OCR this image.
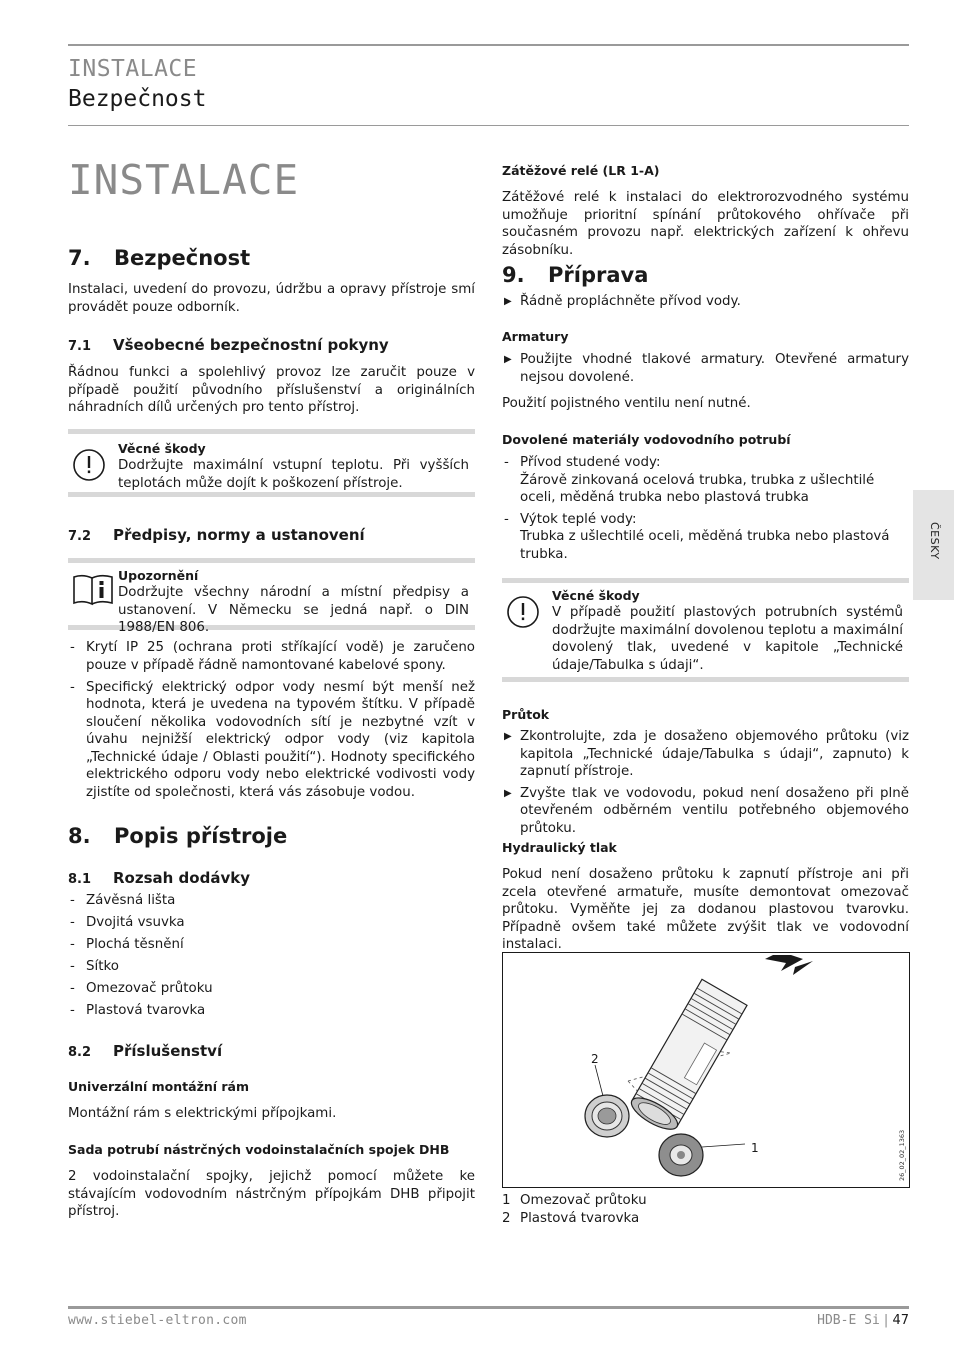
INSTALACE
Bezpečnost
INSTALACE
7. Bezpečnost

Instalaci, uvedení do provozu, údržbu a opravy přístroje smí provádět pouze odborník.

7.1 Všeobecné bezpečnostní pokyny

Řádnou funkci a spolehlivý provoz lze zaručit pouze v případě použití původního příslušenství a originálních náhradních dílů určených pro tento přístroj.

Věcné škody
Dodržujte maximální vstupní teplotu. Při vyšších teplotách může dojít k poškození přístroje.
7.2 Předpisy, normy a ustanovení
Upozornění
Dodržujte všechny národní a místní předpisy a ustanovení. V Německu se jedná např. o DIN 1988/EN 806.
- Krytí IP 25 (ochrana proti stříkající vodě) je zaručeno pouze v případě řádně namontované kabelové spony.
- Specifický elektrický odpor vody nesmí být menší než hodnota, která je uvedena na typovém štítku. V případě sloučení několika vodovodních sítí je nezbytné vzít v úvahu nejnižší elektrický odpor vody (viz kapitola „Technické údaje / Oblasti použití“). Hodnoty specifického elektrického odporu vody nebo elektrické vodivosti vody zjistíte od společnosti, která vás zásobuje vodou.
8. Popis přístroje
8.1 Rozsah dodávky
- Závěsná lišta
- Dvojitá vsuvka
- Plochá těsnění
- Sítko
- Omezovač průtoku
- Plastová tvarovka
8.2 Příslušenství
Univerzální montážní rám

Montážní rám s elektrickými přípojkami.

Sada potrubí nástrčných vodoinstalačních spojek DHB

2 vodoinstalační spojky, jejichž pomocí můžete ke stávajícím vodovodním nástrčným přípojkám DHB připojit přístroj.

Zátěžové relé (LR 1-A)

Zátěžové relé k instalaci do elektrorozvodného systému umožňuje prioritní spínání průtokového ohřívače při současném provozu např. elektrických zařízení k ohřevu zásobníku.

9. Příprava
▶ Řádně propláchněte přívod vody.
Armatury
▶ Použijte vhodné tlakové armatury. Otevřené armatury nejsou dovolené.

Použití pojistného ventilu není nutné.

Dovolené materiály vodovodního potrubí
- Přívod studené vody:
Žárově zinkovaná ocelová trubka, trubka z ušlechtilé oceli, měděná trubka nebo plastová trubka
- Výtok teplé vody:
Trubka z ušlechtilé oceli, měděná trubka nebo plastová trubka.
Věcné škody
V případě použití plastových potrubních systémů dodržujte maximální dovolenou teplotu a maximální dovolený tlak, uvedené v kapitole „Technické údaje/Tabulka s údaji“.
Průtok
▶ Zkontrolujte, zda je dosaženo objemového průtoku (viz kapitola „Technické údaje/Tabulka s údaji“, zapnuto) k zapnutí přístroje.
▶ Zvyšte tlak ve vodovodu, pokud není dosaženo při plně otevřeném odběrném ventilu potřebného objemového průtoku.
Hydraulický tlak

Pokud není dosaženo průtoku k zapnutí přístroje ani při zcela otevřené armatuře, musíte demontovat omezovač průtoku. Vyměňte jej za dodanou plastovou tvarovku. Případně ovšem také můžete zvýšit tlak ve vodovodní instalaci.

2
1	26_02_02_1363
1 Omezovač průtoku
2 Plastová tvarovka
ČESKY
www.stiebel-eltron.com	HDB-E Si | 47
